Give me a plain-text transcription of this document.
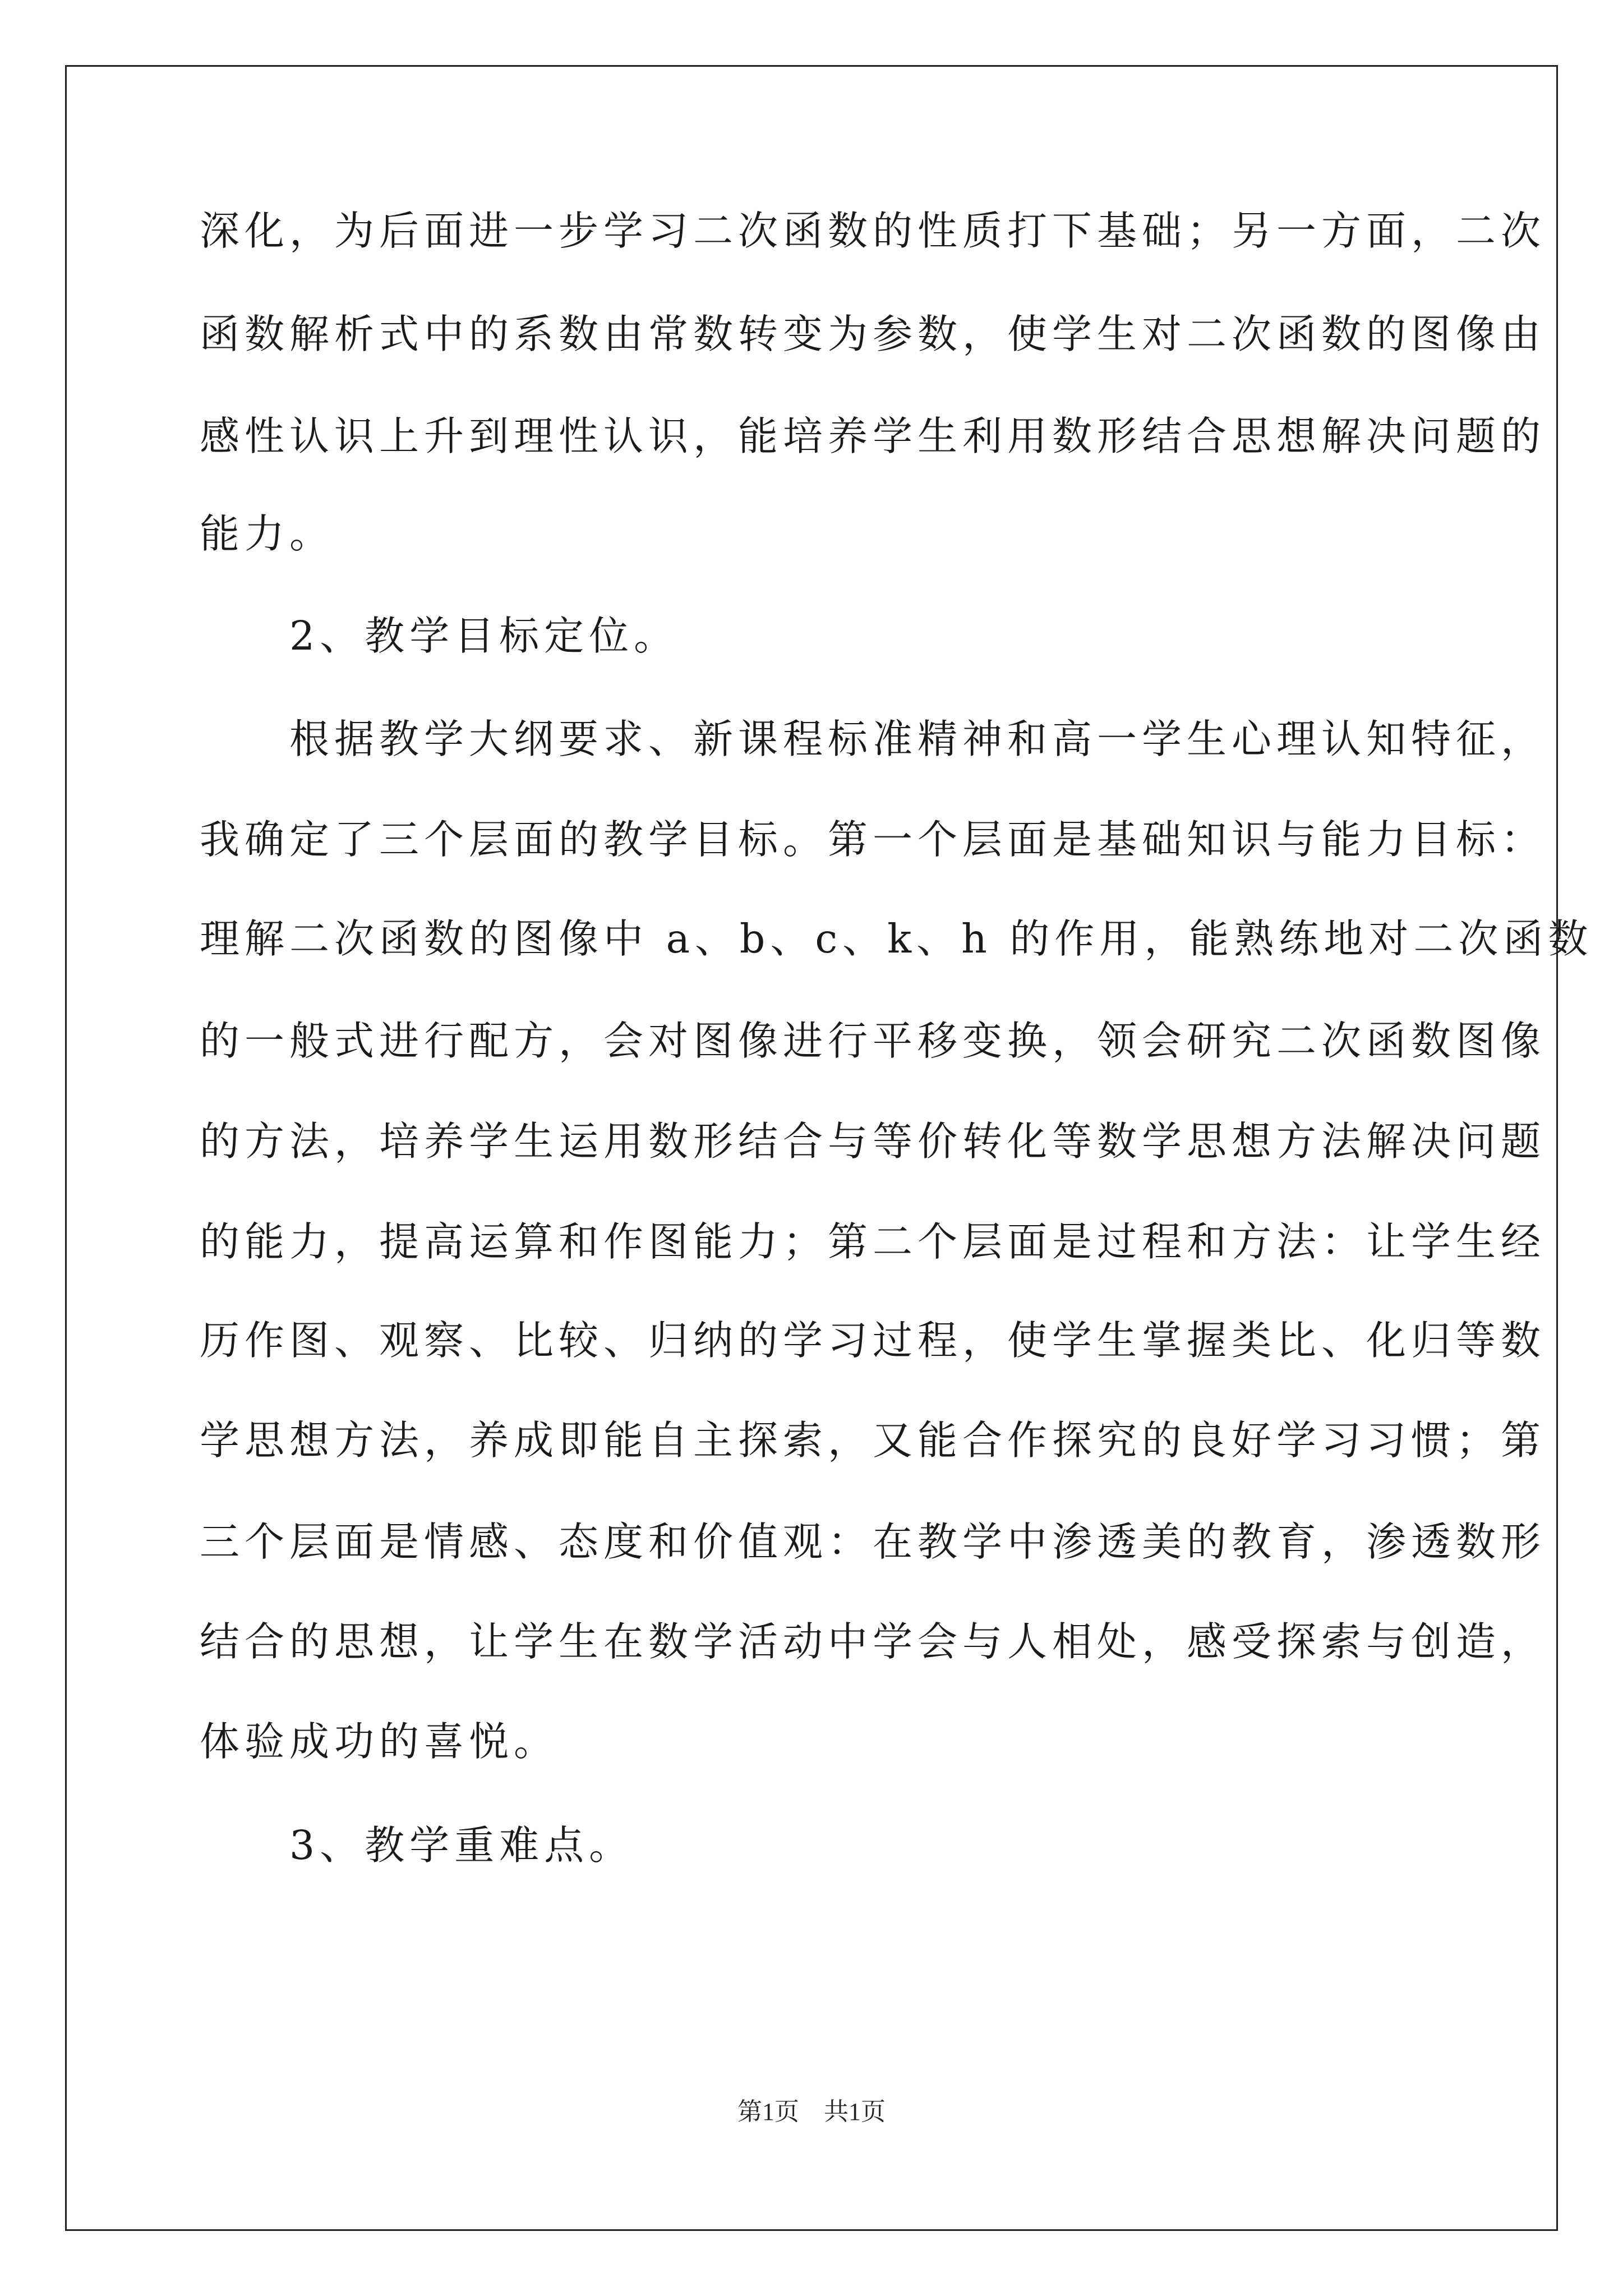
深化，为后面进一步学习二次函数的性质打下基础；另一方面，二次
函数解析式中的系数由常数转变为参数，使学生对二次函数的图像由
感性认识上升到理性认识，能培养学生利用数形结合思想解决问题的
能力。
　　2、教学目标定位。
　　根据教学大纲要求、新课程标准精神和高一学生心理认知特征，
我确定了三个层面的教学目标。第一个层面是基础知识与能力目标：
理解二次函数的图像中 a、b、c、k、h 的作用，能熟练地对二次函数
的一般式进行配方，会对图像进行平移变换，领会研究二次函数图像
的方法，培养学生运用数形结合与等价转化等数学思想方法解决问题
的能力，提高运算和作图能力；第二个层面是过程和方法：让学生经
历作图、观察、比较、归纳的学习过程，使学生掌握类比、化归等数
学思想方法，养成即能自主探索，又能合作探究的良好学习习惯；第
三个层面是情感、态度和价值观：在教学中渗透美的教育，渗透数形
结合的思想，让学生在数学活动中学会与人相处，感受探索与创造，
体验成功的喜悦。
　　3、教学重难点。
第1页　共1页
